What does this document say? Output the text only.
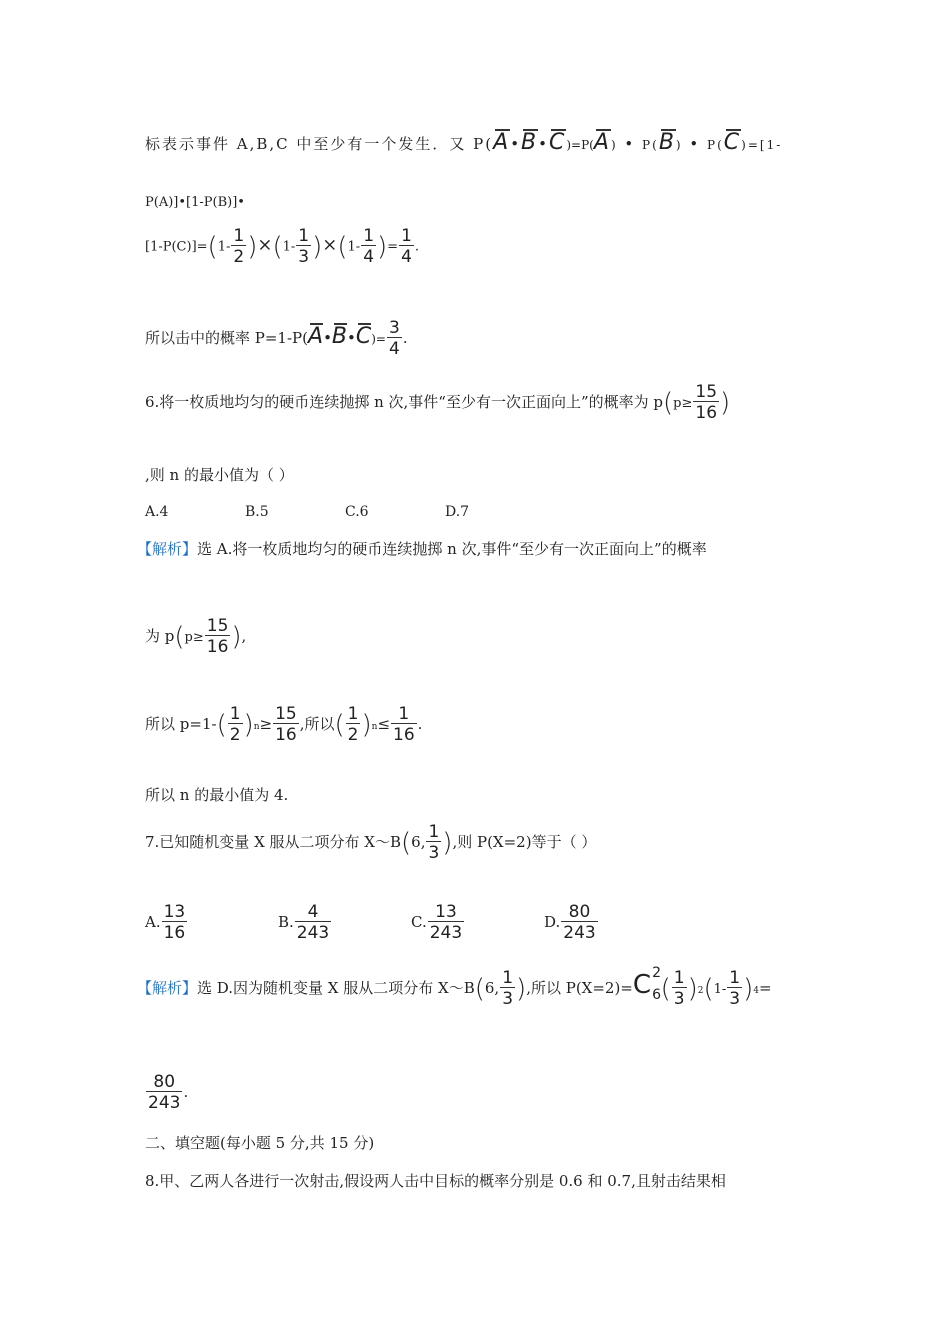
标表示事件 A,B,C 中至少有一个发生．又 P(
A•
B•
C)=P(
A) • P(
B) • P(
C)=[1-
P(A)]•[1-P(B)]•
$[1-P(C)]=(1- \frac{1}{2} )\times(1- \frac{1}{3} )\times(1- \frac{1}{4}$ )= $\frac{1}{4}$ .
所以击中的概率 P=1-P(
A•
B•
$C)= \frac{3}{4}$ .
6.将一枚质地均匀的硬币连续抛掷 n 次,事件“至少有一次正面向上”的概率为 $p(p\ge \frac{15}{16}$ )
,则 n 的最小值为（ ）
A.4	B.5	C.6	D.7
【解析】选 A.将一枚质地均匀的硬币连续抛掷 n 次,事件“至少有一次正面向上”的概率
为 $p(p\ge \frac{15}{16}$ ),
所以 $p=1-( \frac{1}{2} )n\ge \frac{15}{16}$ ,所以( $\frac{1}{2} )n\le \frac{1}{16}$ .
所以 n 的最小值为 4.
7.已知随机变量 X 服从二项分布 X～B(6, $\frac{1}{3}$ ),则 P(X=2)等于（ ）
A. $\frac{13}{16}$	B. $\frac{4}{243}$	C. $\frac{13}{243}$	D. $\frac{80}{243}$
【解析】选 D.因为随机变量 X 服从二项分布 X～B(6, $\frac{1}{3}$ ),所以 P(X=2)=C 2
6 ( $\frac{1}{3} )2(1- \frac{1}{3} )4=$
$\frac{80}{243}$ .
二、填空题(每小题 5 分,共 15 分)
8.甲、乙两人各进行一次射击,假设两人击中目标的概率分别是 0.6 和 0.7,且射击结果相
